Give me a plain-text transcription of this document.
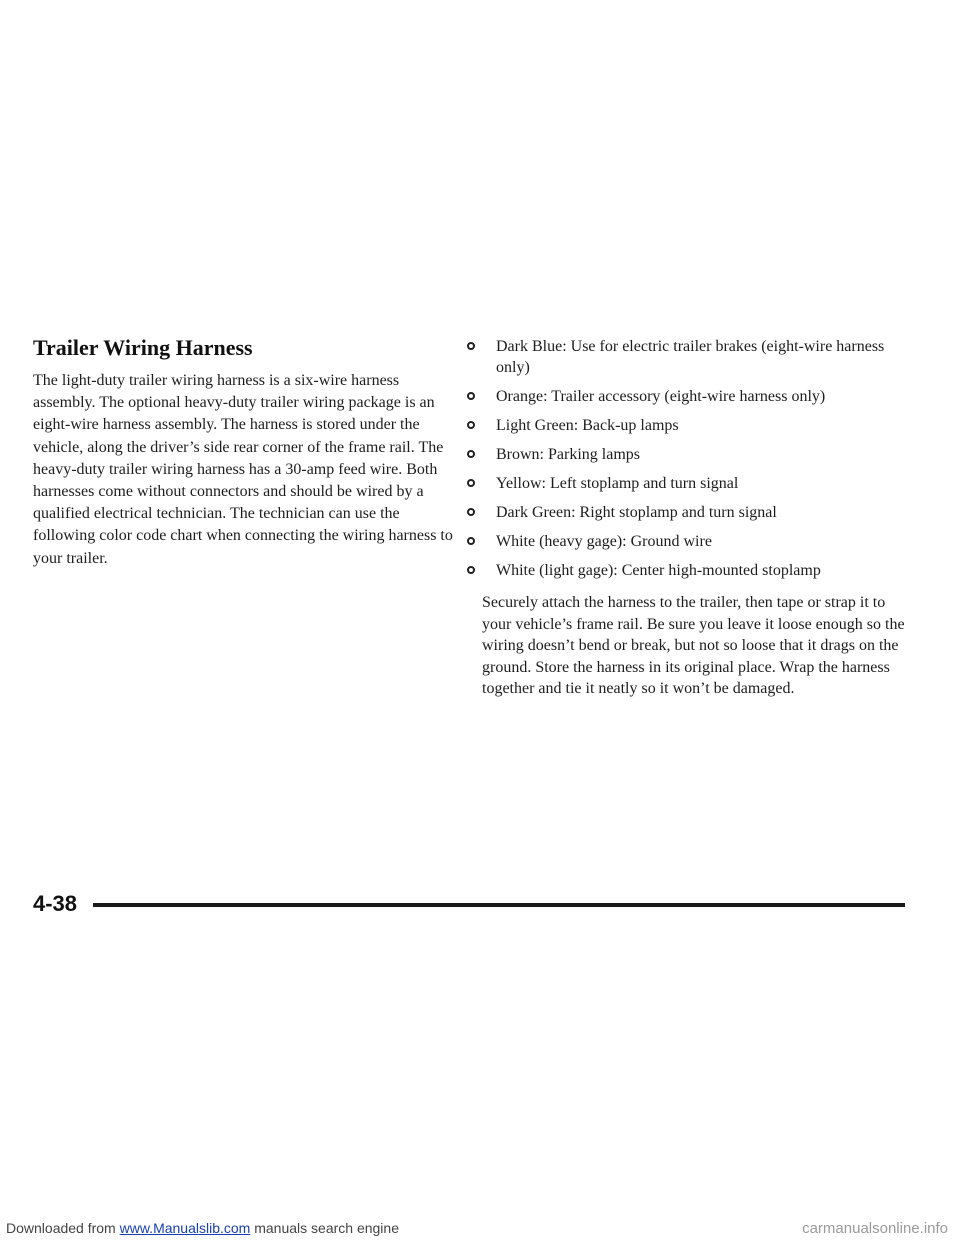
Trailer Wiring Harness

The light-duty trailer wiring harness is a six-wire harness assembly. The optional heavy-duty trailer wiring package is an eight-wire harness assembly. The harness is stored under the vehicle, along the driver’s side rear corner of the frame rail. The heavy-duty trailer wiring harness has a 30-amp feed wire. Both harnesses come without connectors and should be wired by a qualified electrical technician. The technician can use the following color code chart when connecting the wiring harness to your trailer.

Dark Blue: Use for electric trailer brakes (eight-wire harness only)
Orange: Trailer accessory (eight-wire harness only)
Light Green: Back-up lamps
Brown: Parking lamps
Yellow: Left stoplamp and turn signal
Dark Green: Right stoplamp and turn signal
White (heavy gage): Ground wire
White (light gage): Center high-mounted stoplamp

Securely attach the harness to the trailer, then tape or strap it to your vehicle’s frame rail. Be sure you leave it loose enough so the wiring doesn’t bend or break, but not so loose that it drags on the ground. Store the harness in its original place. Wrap the harness together and tie it neatly so it won’t be damaged.

4-38
Downloaded from www.Manualslib.com manuals search engine	carmanualsonline.info
